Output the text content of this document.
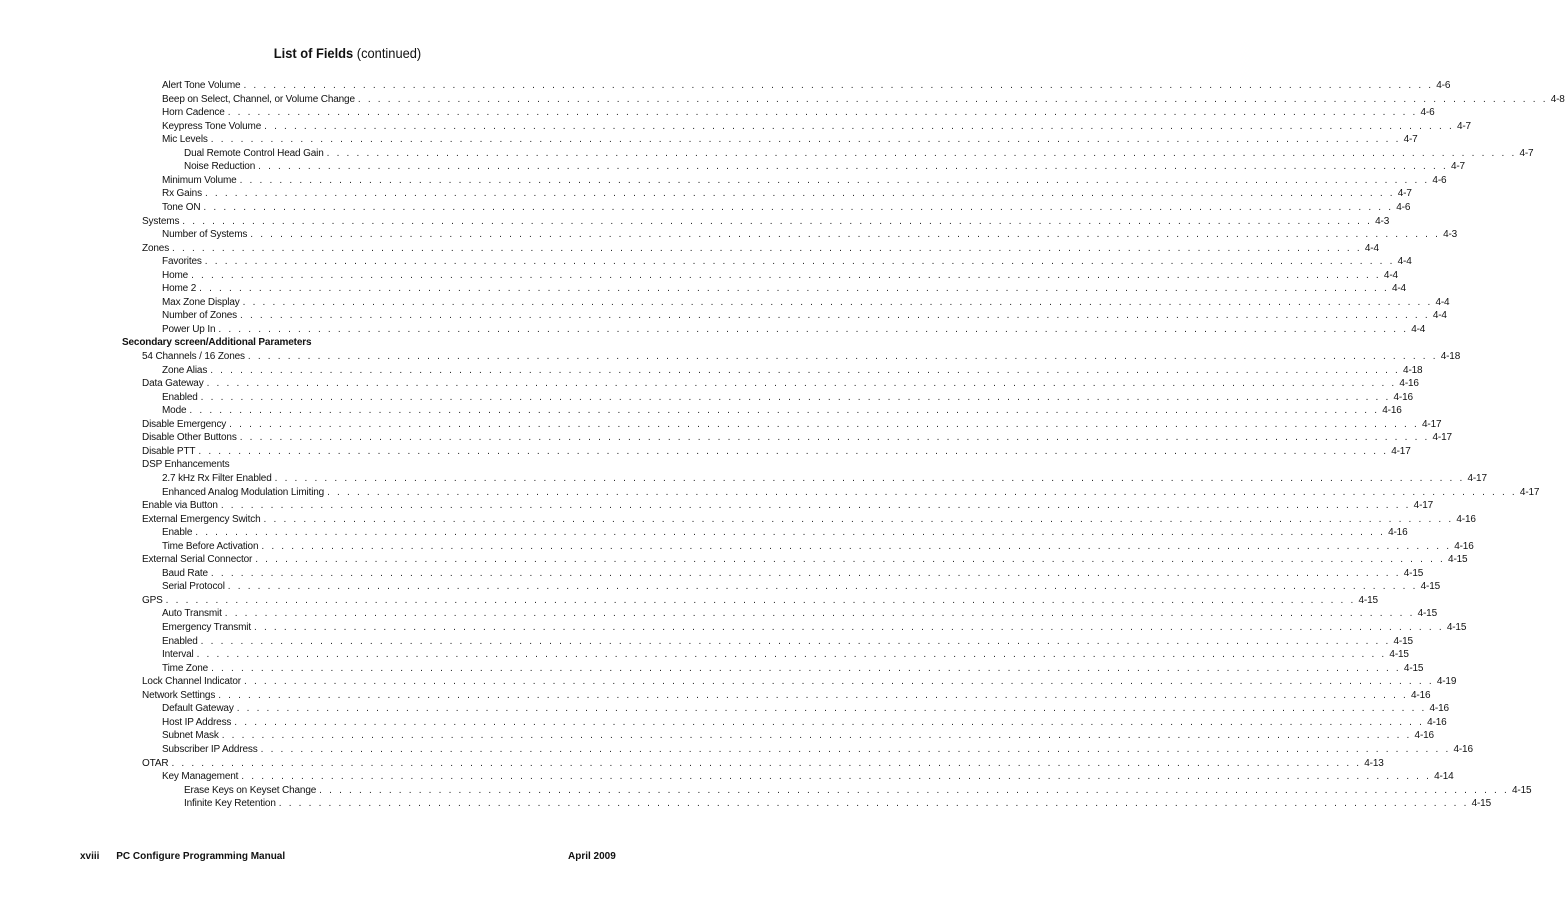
List of Fields (continued)
Alert Tone Volume . . . . . . . . . . . . . . . . . . . . . . . . . . . . . . . . . . . . . . . . . . . . . . . . . . . . . . . . . . . . . . . . . . . . . . . . . . . . . . . . . . . . . . . . . . . . . . . . . . . . . . . . . . . . . . . . . . . . . . . . 4-6
Beep on Select, Channel, or Volume Change . . . . . . . . . . . . . . . . . . . . . . . . . . . . . . . . . . . . . . . . . . . . . . . . . . . . . . . . . . . . . . . . . . . . . . . . . . . . . . . . . . . . . . . . . . . . . . . . . . . . . . . . . . . . . . . . . . . . . . . . 4-8
Horn Cadence . . . . . . . . . . . . . . . . . . . . . . . . . . . . . . . . . . . . . . . . . . . . . . . . . . . . . . . . . . . . . . . . . . . . . . . . . . . . . . . . . . . . . . . . . . . . . . . . . . . . . . . . . . . . . . . . . . . . . . . . 4-6
Keypress Tone Volume . . . . . . . . . . . . . . . . . . . . . . . . . . . . . . . . . . . . . . . . . . . . . . . . . . . . . . . . . . . . . . . . . . . . . . . . . . . . . . . . . . . . . . . . . . . . . . . . . . . . . . . . . . . . . . . . . . . . . . . . 4-7
Mic Levels . . . . . . . . . . . . . . . . . . . . . . . . . . . . . . . . . . . . . . . . . . . . . . . . . . . . . . . . . . . . . . . . . . . . . . . . . . . . . . . . . . . . . . . . . . . . . . . . . . . . . . . . . . . . . . . . . . . . . . . . 4-7
Dual Remote Control Head Gain . . . . . . . . . . . . . . . . . . . . . . . . . . . . . . . . . . . . . . . . . . . . . . . . . . . . . . . . . . . . . . . . . . . . . . . . . . . . . . . . . . . . . . . . . . . . . . . . . . . . . . . . . . . . . . . . . . . . . . . . 4-7
Noise Reduction . . . . . . . . . . . . . . . . . . . . . . . . . . . . . . . . . . . . . . . . . . . . . . . . . . . . . . . . . . . . . . . . . . . . . . . . . . . . . . . . . . . . . . . . . . . . . . . . . . . . . . . . . . . . . . . . . . . . . . . . 4-7
Minimum Volume . . . . . . . . . . . . . . . . . . . . . . . . . . . . . . . . . . . . . . . . . . . . . . . . . . . . . . . . . . . . . . . . . . . . . . . . . . . . . . . . . . . . . . . . . . . . . . . . . . . . . . . . . . . . . . . . . . . . . . . . 4-6
Rx Gains . . . . . . . . . . . . . . . . . . . . . . . . . . . . . . . . . . . . . . . . . . . . . . . . . . . . . . . . . . . . . . . . . . . . . . . . . . . . . . . . . . . . . . . . . . . . . . . . . . . . . . . . . . . . . . . . . . . . . . . . 4-7
Tone ON . . . . . . . . . . . . . . . . . . . . . . . . . . . . . . . . . . . . . . . . . . . . . . . . . . . . . . . . . . . . . . . . . . . . . . . . . . . . . . . . . . . . . . . . . . . . . . . . . . . . . . . . . . . . . . . . . . . . . . . . 4-6
Systems . . . . . . . . . . . . . . . . . . . . . . . . . . . . . . . . . . . . . . . . . . . . . . . . . . . . . . . . . . . . . . . . . . . . . . . . . . . . . . . . . . . . . . . . . . . . . . . . . . . . . . . . . . . . . . . . . . . . . . . . 4-3
Number of Systems . . . . . . . . . . . . . . . . . . . . . . . . . . . . . . . . . . . . . . . . . . . . . . . . . . . . . . . . . . . . . . . . . . . . . . . . . . . . . . . . . . . . . . . . . . . . . . . . . . . . . . . . . . . . . . . . . . . . . . . . 4-3
Zones . . . . . . . . . . . . . . . . . . . . . . . . . . . . . . . . . . . . . . . . . . . . . . . . . . . . . . . . . . . . . . . . . . . . . . . . . . . . . . . . . . . . . . . . . . . . . . . . . . . . . . . . . . . . . . . . . . . . . . . . 4-4
Favorites . . . . . . . . . . . . . . . . . . . . . . . . . . . . . . . . . . . . . . . . . . . . . . . . . . . . . . . . . . . . . . . . . . . . . . . . . . . . . . . . . . . . . . . . . . . . . . . . . . . . . . . . . . . . . . . . . . . . . . . . 4-4
Home . . . . . . . . . . . . . . . . . . . . . . . . . . . . . . . . . . . . . . . . . . . . . . . . . . . . . . . . . . . . . . . . . . . . . . . . . . . . . . . . . . . . . . . . . . . . . . . . . . . . . . . . . . . . . . . . . . . . . . . . 4-4
Home 2 . . . . . . . . . . . . . . . . . . . . . . . . . . . . . . . . . . . . . . . . . . . . . . . . . . . . . . . . . . . . . . . . . . . . . . . . . . . . . . . . . . . . . . . . . . . . . . . . . . . . . . . . . . . . . . . . . . . . . . . . 4-4
Max Zone Display . . . . . . . . . . . . . . . . . . . . . . . . . . . . . . . . . . . . . . . . . . . . . . . . . . . . . . . . . . . . . . . . . . . . . . . . . . . . . . . . . . . . . . . . . . . . . . . . . . . . . . . . . . . . . . . . . . . . . . . . 4-4
Number of Zones . . . . . . . . . . . . . . . . . . . . . . . . . . . . . . . . . . . . . . . . . . . . . . . . . . . . . . . . . . . . . . . . . . . . . . . . . . . . . . . . . . . . . . . . . . . . . . . . . . . . . . . . . . . . . . . . . . . . . . . . 4-4
Power Up In . . . . . . . . . . . . . . . . . . . . . . . . . . . . . . . . . . . . . . . . . . . . . . . . . . . . . . . . . . . . . . . . . . . . . . . . . . . . . . . . . . . . . . . . . . . . . . . . . . . . . . . . . . . . . . . . . . . . . . . . 4-4
Secondary screen/Additional Parameters
54 Channels / 16 Zones . . . . . . . . . . . . . . . . . . . . . . . . . . . . . . . . . . . . . . . . . . . . . . . . . . . . . . . . . . . . . . . . . . . . . . . . . . . . . . . . . . . . . . . . . . . . . . . . . . . . . . . . . . . . . . . . . . . . . . . . 4-18
Zone Alias . . . . . . . . . . . . . . . . . . . . . . . . . . . . . . . . . . . . . . . . . . . . . . . . . . . . . . . . . . . . . . . . . . . . . . . . . . . . . . . . . . . . . . . . . . . . . . . . . . . . . . . . . . . . . . . . . . . . . . . . 4-18
Data Gateway . . . . . . . . . . . . . . . . . . . . . . . . . . . . . . . . . . . . . . . . . . . . . . . . . . . . . . . . . . . . . . . . . . . . . . . . . . . . . . . . . . . . . . . . . . . . . . . . . . . . . . . . . . . . . . . . . . . . . . . . 4-16
Enabled . . . . . . . . . . . . . . . . . . . . . . . . . . . . . . . . . . . . . . . . . . . . . . . . . . . . . . . . . . . . . . . . . . . . . . . . . . . . . . . . . . . . . . . . . . . . . . . . . . . . . . . . . . . . . . . . . . . . . . . . 4-16
Mode . . . . . . . . . . . . . . . . . . . . . . . . . . . . . . . . . . . . . . . . . . . . . . . . . . . . . . . . . . . . . . . . . . . . . . . . . . . . . . . . . . . . . . . . . . . . . . . . . . . . . . . . . . . . . . . . . . . . . . . . 4-16
Disable Emergency . . . . . . . . . . . . . . . . . . . . . . . . . . . . . . . . . . . . . . . . . . . . . . . . . . . . . . . . . . . . . . . . . . . . . . . . . . . . . . . . . . . . . . . . . . . . . . . . . . . . . . . . . . . . . . . . . . . . . . . . 4-17
Disable Other Buttons . . . . . . . . . . . . . . . . . . . . . . . . . . . . . . . . . . . . . . . . . . . . . . . . . . . . . . . . . . . . . . . . . . . . . . . . . . . . . . . . . . . . . . . . . . . . . . . . . . . . . . . . . . . . . . . . . . . . . . . . 4-17
Disable PTT . . . . . . . . . . . . . . . . . . . . . . . . . . . . . . . . . . . . . . . . . . . . . . . . . . . . . . . . . . . . . . . . . . . . . . . . . . . . . . . . . . . . . . . . . . . . . . . . . . . . . . . . . . . . . . . . . . . . . . . . 4-17
DSP Enhancements
2.7 kHz Rx Filter Enabled . . . . . . . . . . . . . . . . . . . . . . . . . . . . . . . . . . . . . . . . . . . . . . . . . . . . . . . . . . . . . . . . . . . . . . . . . . . . . . . . . . . . . . . . . . . . . . . . . . . . . . . . . . . . . . . . . . . . . . . . 4-17
Enhanced Analog Modulation Limiting . . . . . . . . . . . . . . . . . . . . . . . . . . . . . . . . . . . . . . . . . . . . . . . . . . . . . . . . . . . . . . . . . . . . . . . . . . . . . . . . . . . . . . . . . . . . . . . . . . . . . . . . . . . . . . . . . . . . . . . . 4-17
Enable via Button . . . . . . . . . . . . . . . . . . . . . . . . . . . . . . . . . . . . . . . . . . . . . . . . . . . . . . . . . . . . . . . . . . . . . . . . . . . . . . . . . . . . . . . . . . . . . . . . . . . . . . . . . . . . . . . . . . . . . . . . 4-17
External Emergency Switch . . . . . . . . . . . . . . . . . . . . . . . . . . . . . . . . . . . . . . . . . . . . . . . . . . . . . . . . . . . . . . . . . . . . . . . . . . . . . . . . . . . . . . . . . . . . . . . . . . . . . . . . . . . . . . . . . . . . . . . . 4-16
Enable . . . . . . . . . . . . . . . . . . . . . . . . . . . . . . . . . . . . . . . . . . . . . . . . . . . . . . . . . . . . . . . . . . . . . . . . . . . . . . . . . . . . . . . . . . . . . . . . . . . . . . . . . . . . . . . . . . . . . . . . 4-16
Time Before Activation . . . . . . . . . . . . . . . . . . . . . . . . . . . . . . . . . . . . . . . . . . . . . . . . . . . . . . . . . . . . . . . . . . . . . . . . . . . . . . . . . . . . . . . . . . . . . . . . . . . . . . . . . . . . . . . . . . . . . . . . 4-16
External Serial Connector . . . . . . . . . . . . . . . . . . . . . . . . . . . . . . . . . . . . . . . . . . . . . . . . . . . . . . . . . . . . . . . . . . . . . . . . . . . . . . . . . . . . . . . . . . . . . . . . . . . . . . . . . . . . . . . . . . . . . . . . 4-15
Baud Rate . . . . . . . . . . . . . . . . . . . . . . . . . . . . . . . . . . . . . . . . . . . . . . . . . . . . . . . . . . . . . . . . . . . . . . . . . . . . . . . . . . . . . . . . . . . . . . . . . . . . . . . . . . . . . . . . . . . . . . . . 4-15
Serial Protocol . . . . . . . . . . . . . . . . . . . . . . . . . . . . . . . . . . . . . . . . . . . . . . . . . . . . . . . . . . . . . . . . . . . . . . . . . . . . . . . . . . . . . . . . . . . . . . . . . . . . . . . . . . . . . . . . . . . . . . . . 4-15
GPS . . . . . . . . . . . . . . . . . . . . . . . . . . . . . . . . . . . . . . . . . . . . . . . . . . . . . . . . . . . . . . . . . . . . . . . . . . . . . . . . . . . . . . . . . . . . . . . . . . . . . . . . . . . . . . . . . . . . . . . . 4-15
Auto Transmit . . . . . . . . . . . . . . . . . . . . . . . . . . . . . . . . . . . . . . . . . . . . . . . . . . . . . . . . . . . . . . . . . . . . . . . . . . . . . . . . . . . . . . . . . . . . . . . . . . . . . . . . . . . . . . . . . . . . . . . . 4-15
Emergency Transmit . . . . . . . . . . . . . . . . . . . . . . . . . . . . . . . . . . . . . . . . . . . . . . . . . . . . . . . . . . . . . . . . . . . . . . . . . . . . . . . . . . . . . . . . . . . . . . . . . . . . . . . . . . . . . . . . . . . . . . . . 4-15
Enabled . . . . . . . . . . . . . . . . . . . . . . . . . . . . . . . . . . . . . . . . . . . . . . . . . . . . . . . . . . . . . . . . . . . . . . . . . . . . . . . . . . . . . . . . . . . . . . . . . . . . . . . . . . . . . . . . . . . . . . . . 4-15
Interval . . . . . . . . . . . . . . . . . . . . . . . . . . . . . . . . . . . . . . . . . . . . . . . . . . . . . . . . . . . . . . . . . . . . . . . . . . . . . . . . . . . . . . . . . . . . . . . . . . . . . . . . . . . . . . . . . . . . . . . . 4-15
Time Zone . . . . . . . . . . . . . . . . . . . . . . . . . . . . . . . . . . . . . . . . . . . . . . . . . . . . . . . . . . . . . . . . . . . . . . . . . . . . . . . . . . . . . . . . . . . . . . . . . . . . . . . . . . . . . . . . . . . . . . . . 4-15
Lock Channel Indicator . . . . . . . . . . . . . . . . . . . . . . . . . . . . . . . . . . . . . . . . . . . . . . . . . . . . . . . . . . . . . . . . . . . . . . . . . . . . . . . . . . . . . . . . . . . . . . . . . . . . . . . . . . . . . . . . . . . . . . . . 4-19
Network Settings . . . . . . . . . . . . . . . . . . . . . . . . . . . . . . . . . . . . . . . . . . . . . . . . . . . . . . . . . . . . . . . . . . . . . . . . . . . . . . . . . . . . . . . . . . . . . . . . . . . . . . . . . . . . . . . . . . . . . . . . 4-16
Default Gateway . . . . . . . . . . . . . . . . . . . . . . . . . . . . . . . . . . . . . . . . . . . . . . . . . . . . . . . . . . . . . . . . . . . . . . . . . . . . . . . . . . . . . . . . . . . . . . . . . . . . . . . . . . . . . . . . . . . . . . . . 4-16
Host IP Address . . . . . . . . . . . . . . . . . . . . . . . . . . . . . . . . . . . . . . . . . . . . . . . . . . . . . . . . . . . . . . . . . . . . . . . . . . . . . . . . . . . . . . . . . . . . . . . . . . . . . . . . . . . . . . . . . . . . . . . . 4-16
Subnet Mask . . . . . . . . . . . . . . . . . . . . . . . . . . . . . . . . . . . . . . . . . . . . . . . . . . . . . . . . . . . . . . . . . . . . . . . . . . . . . . . . . . . . . . . . . . . . . . . . . . . . . . . . . . . . . . . . . . . . . . . . 4-16
Subscriber IP Address . . . . . . . . . . . . . . . . . . . . . . . . . . . . . . . . . . . . . . . . . . . . . . . . . . . . . . . . . . . . . . . . . . . . . . . . . . . . . . . . . . . . . . . . . . . . . . . . . . . . . . . . . . . . . . . . . . . . . . . . 4-16
OTAR . . . . . . . . . . . . . . . . . . . . . . . . . . . . . . . . . . . . . . . . . . . . . . . . . . . . . . . . . . . . . . . . . . . . . . . . . . . . . . . . . . . . . . . . . . . . . . . . . . . . . . . . . . . . . . . . . . . . . . . . 4-13
Key Management . . . . . . . . . . . . . . . . . . . . . . . . . . . . . . . . . . . . . . . . . . . . . . . . . . . . . . . . . . . . . . . . . . . . . . . . . . . . . . . . . . . . . . . . . . . . . . . . . . . . . . . . . . . . . . . . . . . . . . . . 4-14
Erase Keys on Keyset Change . . . . . . . . . . . . . . . . . . . . . . . . . . . . . . . . . . . . . . . . . . . . . . . . . . . . . . . . . . . . . . . . . . . . . . . . . . . . . . . . . . . . . . . . . . . . . . . . . . . . . . . . . . . . . . . . . . . . . . . . 4-15
Infinite Key Retention . . . . . . . . . . . . . . . . . . . . . . . . . . . . . . . . . . . . . . . . . . . . . . . . . . . . . . . . . . . . . . . . . . . . . . . . . . . . . . . . . . . . . . . . . . . . . . . . . . . . . . . . . . . . . . . . . . . . . . . . 4-15
xviii PC Configure Programming Manual	April 2009
